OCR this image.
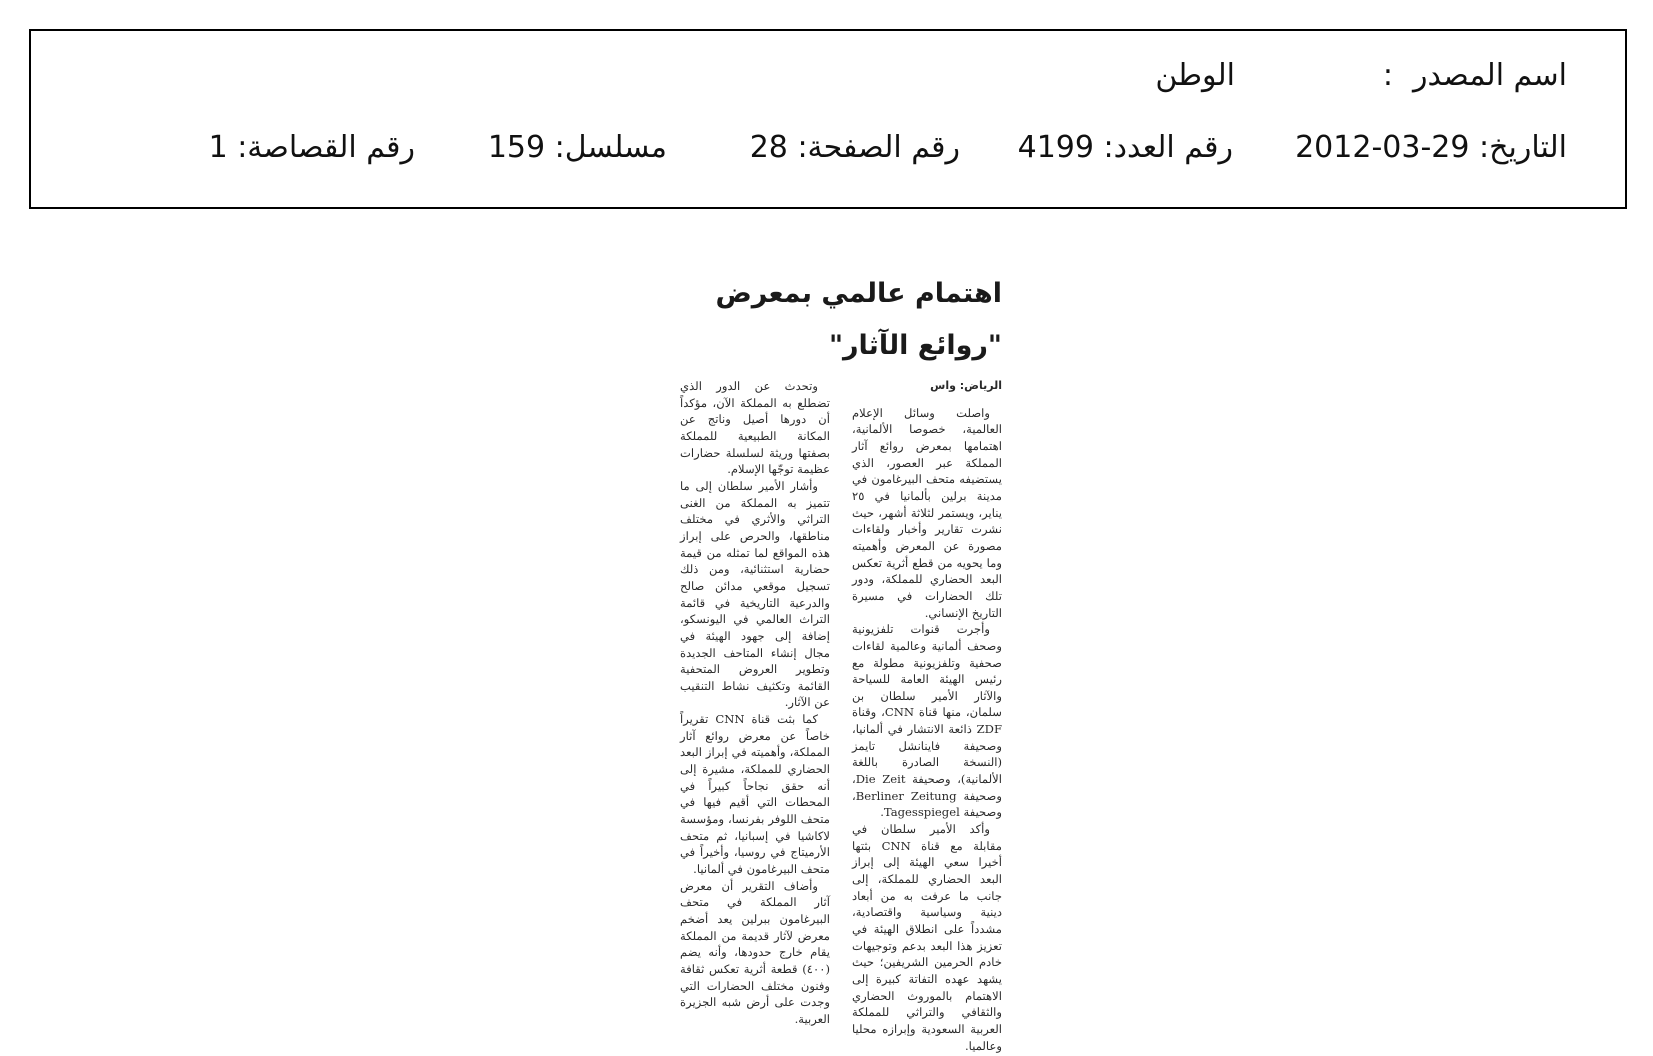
اسم المصدر
:
الوطن
التاريخ: 29-03-2012
رقم العدد: 4199
رقم الصفحة: 28
مسلسل: 159
رقم القصاصة: 1
اهتمام عالمي بمعرض
"روائع الآثار"
الرياض: واس

واصلت وسائل الإعلام العالمية، خصوصا الألمانية، اهتمامها بمعرض روائع آثار المملكة عبر العصور، الذي يستضيفه متحف البيرغامون في مدينة برلين بألمانيا في ٢٥ يناير، ويستمر لثلاثة أشهر، حيث نشرت تقارير وأخبار ولقاءات مصورة عن المعرض وأهميته وما يحويه من قطع أثرية تعكس البعد الحضاري للمملكة، ودور تلك الحضارات في مسيرة التاريخ الإنساني.

وأجرت قنوات تلفزيونية وصحف ألمانية وعالمية لقاءات صحفية وتلفزيونية مطولة مع رئيس الهيئة العامة للسياحة والآثار الأمير سلطان بن سلمان، منها قناة CNN، وقناة ZDF ذائعة الانتشار في ألمانيا، وصحيفة فاينانشل تايمز (النسخة الصادرة باللغة الألمانية)، وصحيفة Die Zeit، وصحيفة Berliner Zeitung، وصحيفة Tagesspiegel.

وأكد الأمير سلطان في مقابلة مع قناة CNN بثتها أخيرا سعي الهيئة إلى إبراز البعد الحضاري للمملكة، إلى جانب ما عرفت به من أبعاد دينية وسياسية واقتصادية، مشدداً على انطلاق الهيئة في تعزيز هذا البعد بدعم وتوجيهات خادم الحرمين الشريفين؛ حيث يشهد عهده التفاتة كبيرة إلى الاهتمام بالموروث الحضاري والثقافي والتراثي للمملكة العربية السعودية وإبرازه محليا وعالميا.

وتحدث عن الدور الذي تضطلع به المملكة الآن، مؤكداً أن دورها أصيل وناتج عن المكانة الطبيعية للمملكة بصفتها وريثة لسلسلة حضارات عظيمة توجّها الإسلام.

وأشار الأمير سلطان إلى ما تتميز به المملكة من الغنى التراثي والأثري في مختلف مناطقها، والحرص على إبراز هذه المواقع لما تمثله من قيمة حضارية استثنائية، ومن ذلك تسجيل موقعي مدائن صالح والدرعية التاريخية في قائمة التراث العالمي في اليونسكو، إضافة إلى جهود الهيئة في مجال إنشاء المتاحف الجديدة وتطوير العروض المتحفية القائمة وتكثيف نشاط التنقيب عن الآثار.

كما بثت قناة CNN تقريراً خاصاً عن معرض روائع آثار المملكة، وأهميته في إبراز البعد الحضاري للمملكة، مشيرة إلى أنه حقق نجاحاً كبيراً في المحطات التي أقيم فيها في متحف اللوفر بفرنسا، ومؤسسة لاكاشيا في إسبانيا، ثم متحف الأرميتاج في روسيا، وأخيراً في متحف البيرغامون في ألمانيا.

وأضاف التقرير أن معرض آثار المملكة في متحف البيرغامون ببرلين يعد أضخم معرض لآثار قديمة من المملكة يقام خارج حدودها، وأنه يضم (٤٠٠) قطعة أثرية تعكس ثقافة وفنون مختلف الحضارات التي وجدت على أرض شبه الجزيرة العربية.
